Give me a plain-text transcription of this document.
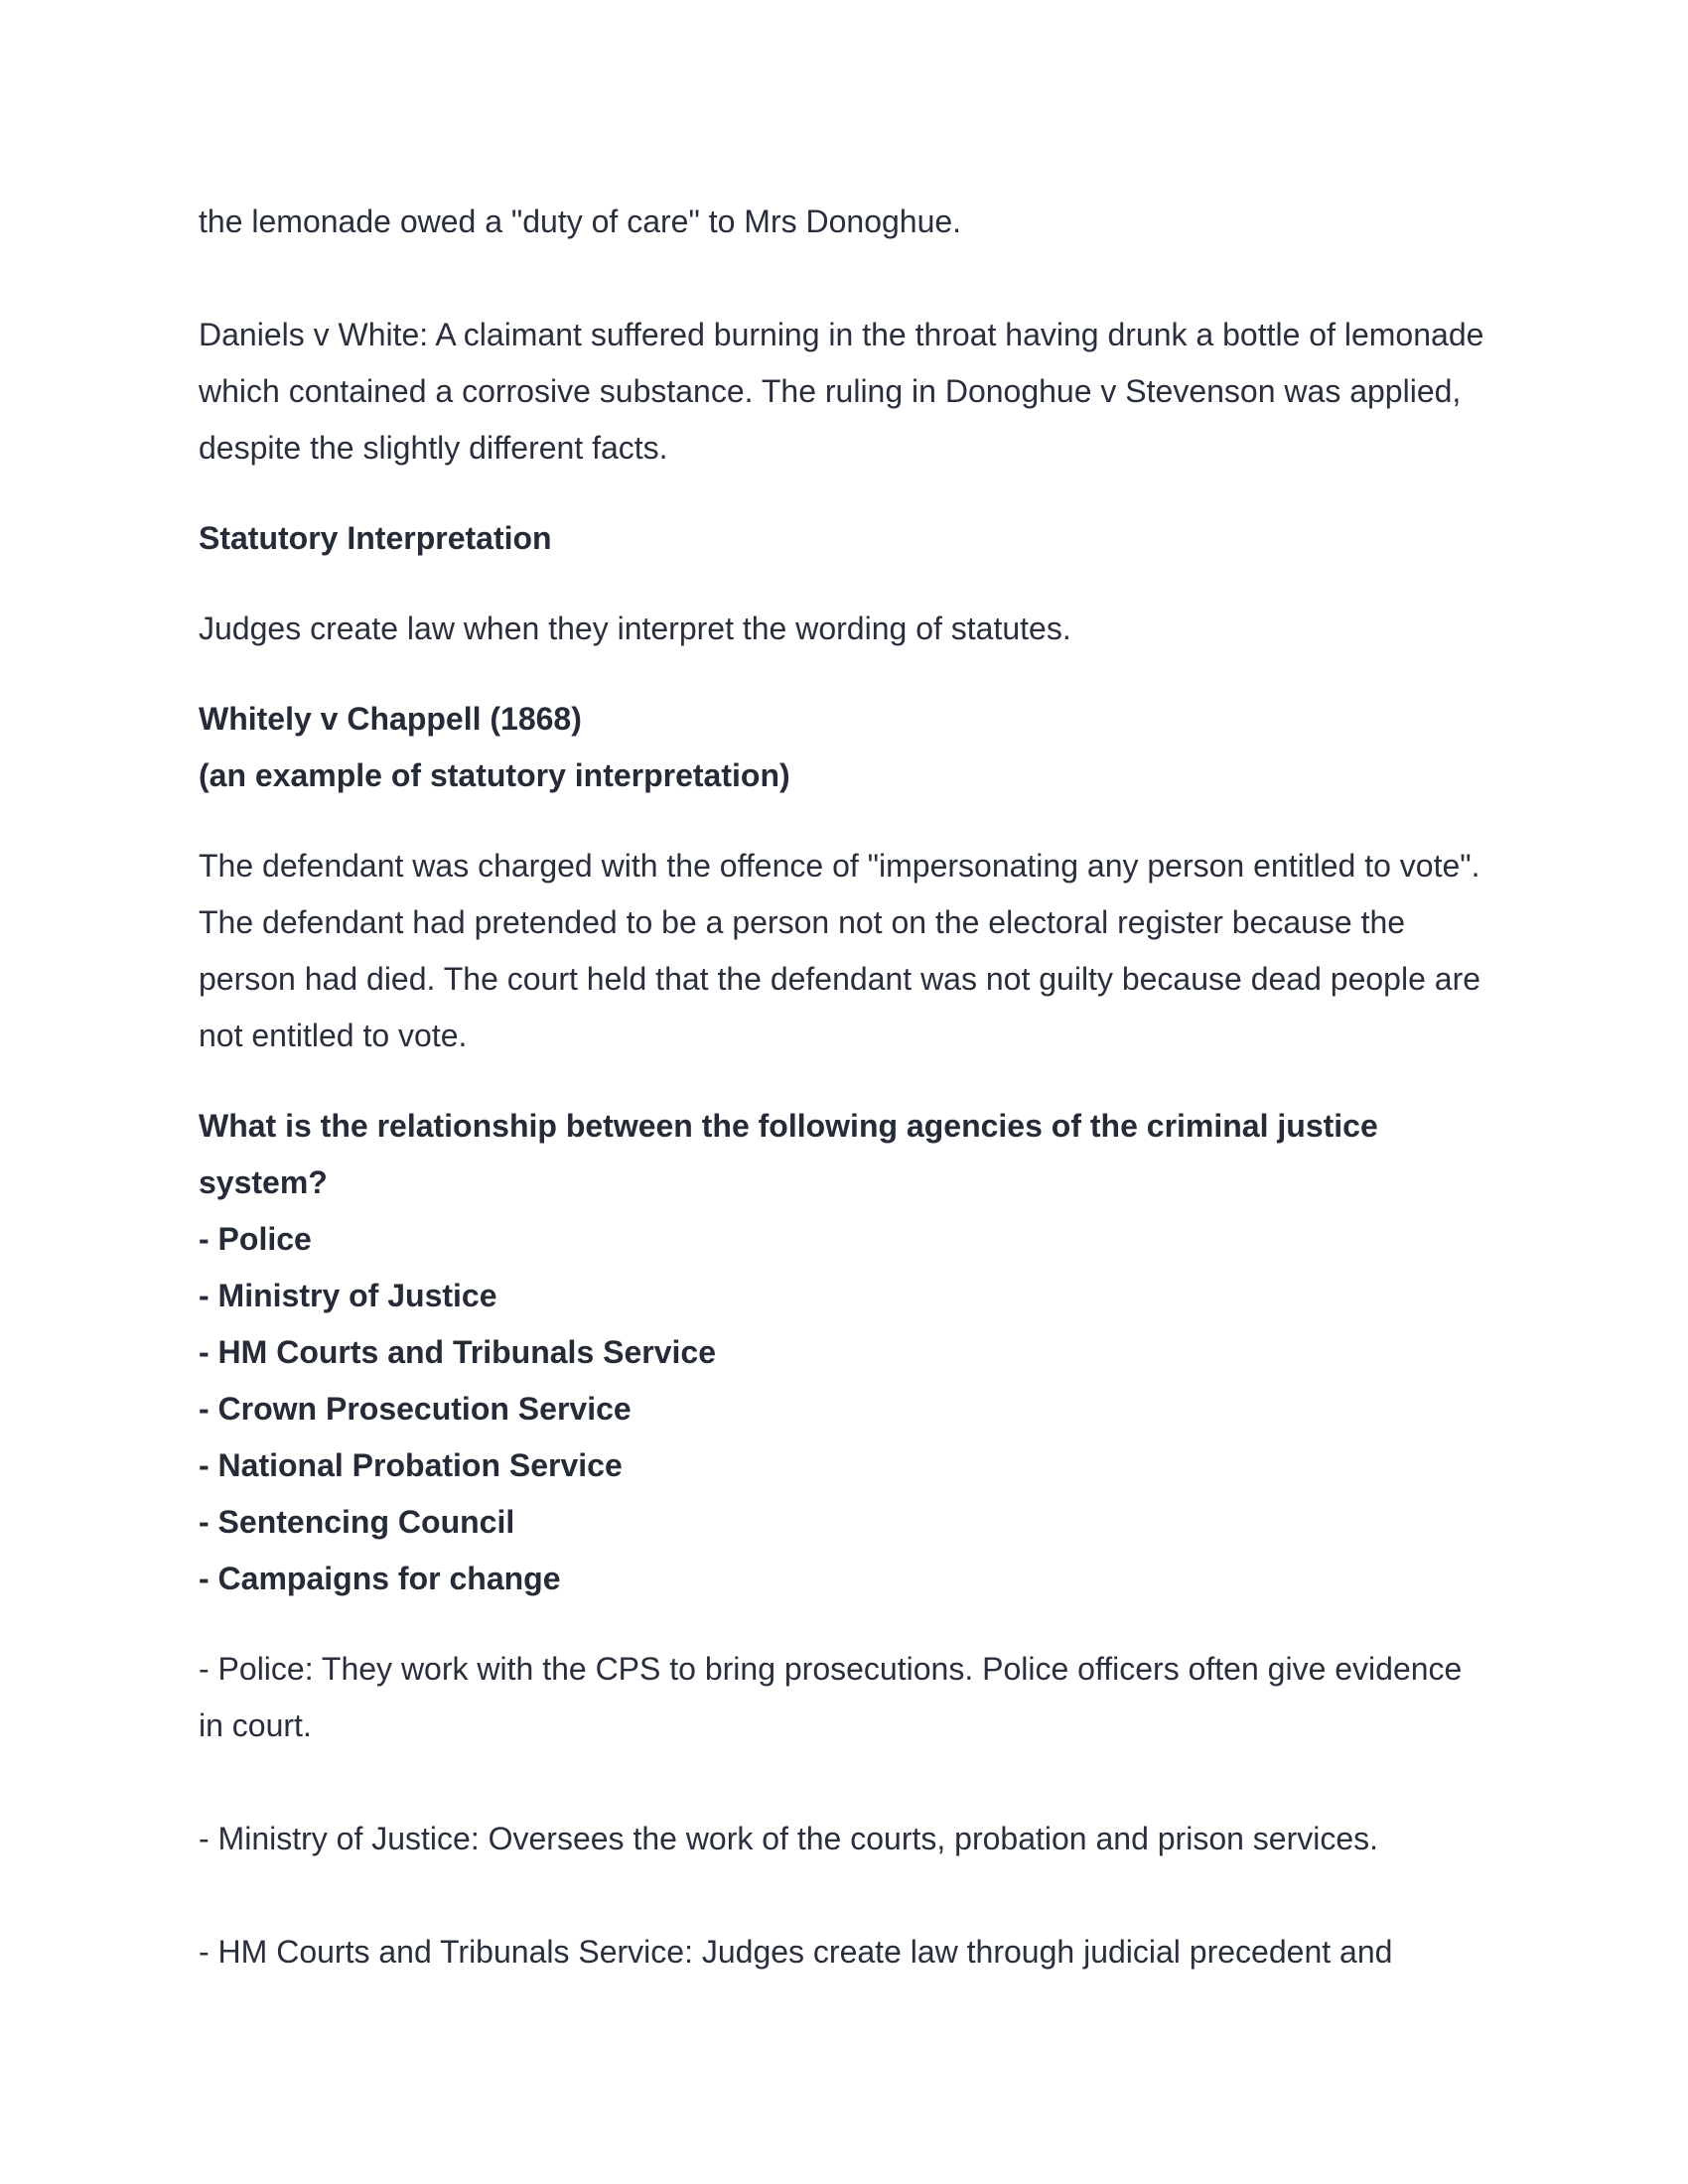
the lemonade owed a "duty of care" to Mrs Donoghue.

Daniels v White: A claimant suffered burning in the throat having drunk a bottle of lemonade which contained a corrosive substance. The ruling in Donoghue v Stevenson was applied, despite the slightly different facts.

Statutory Interpretation

Judges create law when they interpret the wording of statutes.

Whitely v Chappell (1868)

(an example of statutory interpretation)

The defendant was charged with the offence of "impersonating any person entitled to vote". The defendant had pretended to be a person not on the electoral register because the person had died. The court held that the defendant was not guilty because dead people are not entitled to vote.

What is the relationship between the following agencies of the criminal justice system?

- Police

- Ministry of Justice

- HM Courts and Tribunals Service

- Crown Prosecution Service

- National Probation Service

- Sentencing Council

- Campaigns for change

- Police: They work with the CPS to bring prosecutions. Police officers often give evidence in court.

- Ministry of Justice: Oversees the work of the courts, probation and prison services.

- HM Courts and Tribunals Service: Judges create law through judicial precedent and
